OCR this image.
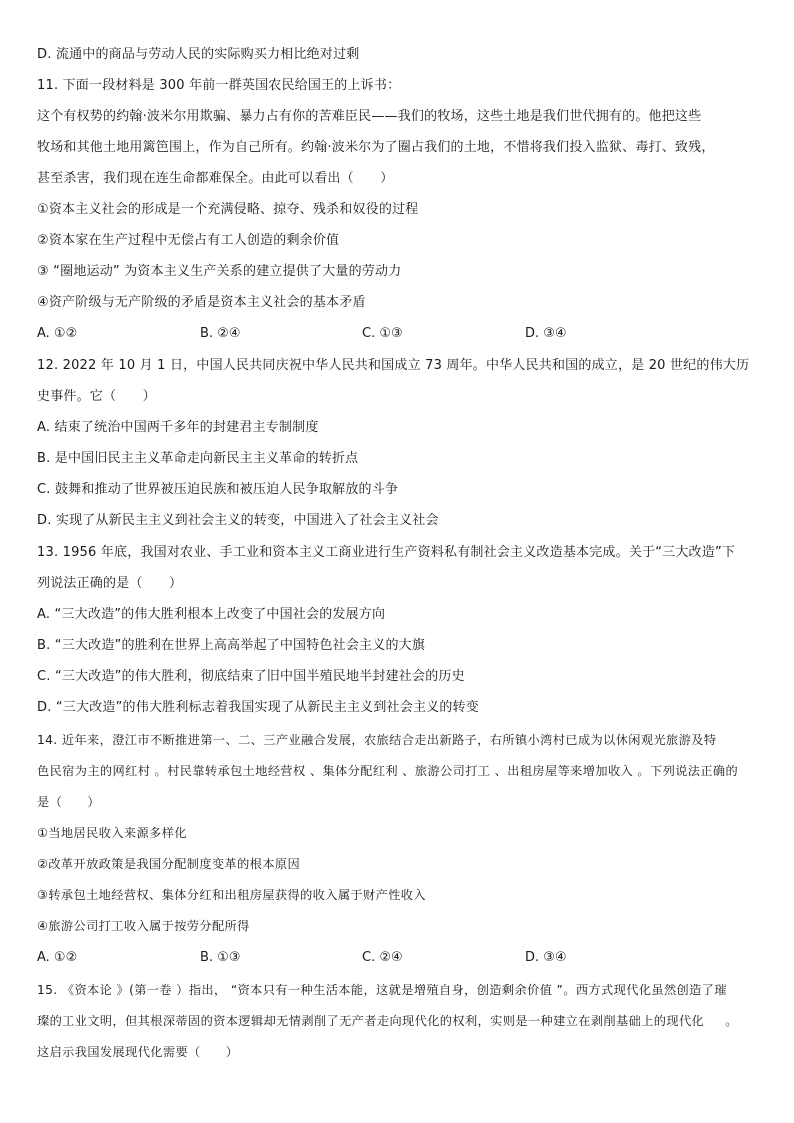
D. 流通中的商品与劳动人民的实际购买力相比绝对过剩
11. 下面一段材料是 300 年前一群英国农民给国王的上诉书：
这个有权势的约翰·波米尔用欺骗、暴力占有你的苦难臣民——我们的牧场，这些土地是我们世代拥有的。他把这些
牧场和其他土地用篱笆围上，作为自己所有。约翰·波米尔为了圈占我们的土地，不惜将我们投入监狱、毒打、致残，
甚至杀害，我们现在连生命都难保全。由此可以看出（　　）
①资本主义社会的形成是一个充满侵略、掠夺、残杀和奴役的过程
②资本家在生产过程中无偿占有工人创造的剩余价值
③ “圈地运动” 为资本主义生产关系的建立提供了大量的劳动力
④资产阶级与无产阶级的矛盾是资本主义社会的基本矛盾
A. ①②	B. ②④	C. ①③	D. ③④
12. 2022 年 10 月 1 日，中国人民共同庆祝中华人民共和国成立 73 周年。中华人民共和国的成立，是 20 世纪的伟大历
史事件。它（　　）
A. 结束了统治中国两千多年的封建君主专制制度
B. 是中国旧民主主义革命走向新民主主义革命的转折点
C. 鼓舞和推动了世界被压迫民族和被压迫人民争取解放的斗争
D. 实现了从新民主主义到社会主义的转变，中国进入了社会主义社会
13. 1956 年底，我国对农业、手工业和资本主义工商业进行生产资料私有制社会主义改造基本完成。关于“三大改造”下
列说法正确的是（　　）
A. “三大改造”的伟大胜利根本上改变了中国社会的发展方向
B. “三大改造”的胜利在世界上高高举起了中国特色社会主义的大旗
C. “三大改造”的伟大胜利，彻底结束了旧中国半殖民地半封建社会的历史
D. “三大改造”的伟大胜利标志着我国实现了从新民主主义到社会主义的转变
14. 近年来，澄江市不断推进第一、二、三产业融合发展，农旅结合走出新路子，右所镇小湾村已成为以休闲观光旅游及特
色民宿为主的网红村 。村民靠转承包土地经营权 、集体分配红利 、旅游公司打工 、出租房屋等来增加收入 。下列说法正确的
是（　　）
①当地居民收入来源多样化
②改革开放政策是我国分配制度变革的根本原因
③转承包土地经营权、集体分红和出租房屋获得的收入属于财产性收入
④旅游公司打工收入属于按劳分配所得
A. ①②	B. ①③	C. ②④	D. ③④
15. 《资本论 》(第一卷 ）指出， “资本只有一种生活本能，这就是增殖自身，创造剩余价值 ”。西方式现代化虽然创造了璀
璨的工业文明，但其根深蒂固的资本逻辑却无情剥削了无产者走向现代化的权利，实则是一种建立在剥削基础上的现代化 　 。
这启示我国发展现代化需要（　　）
